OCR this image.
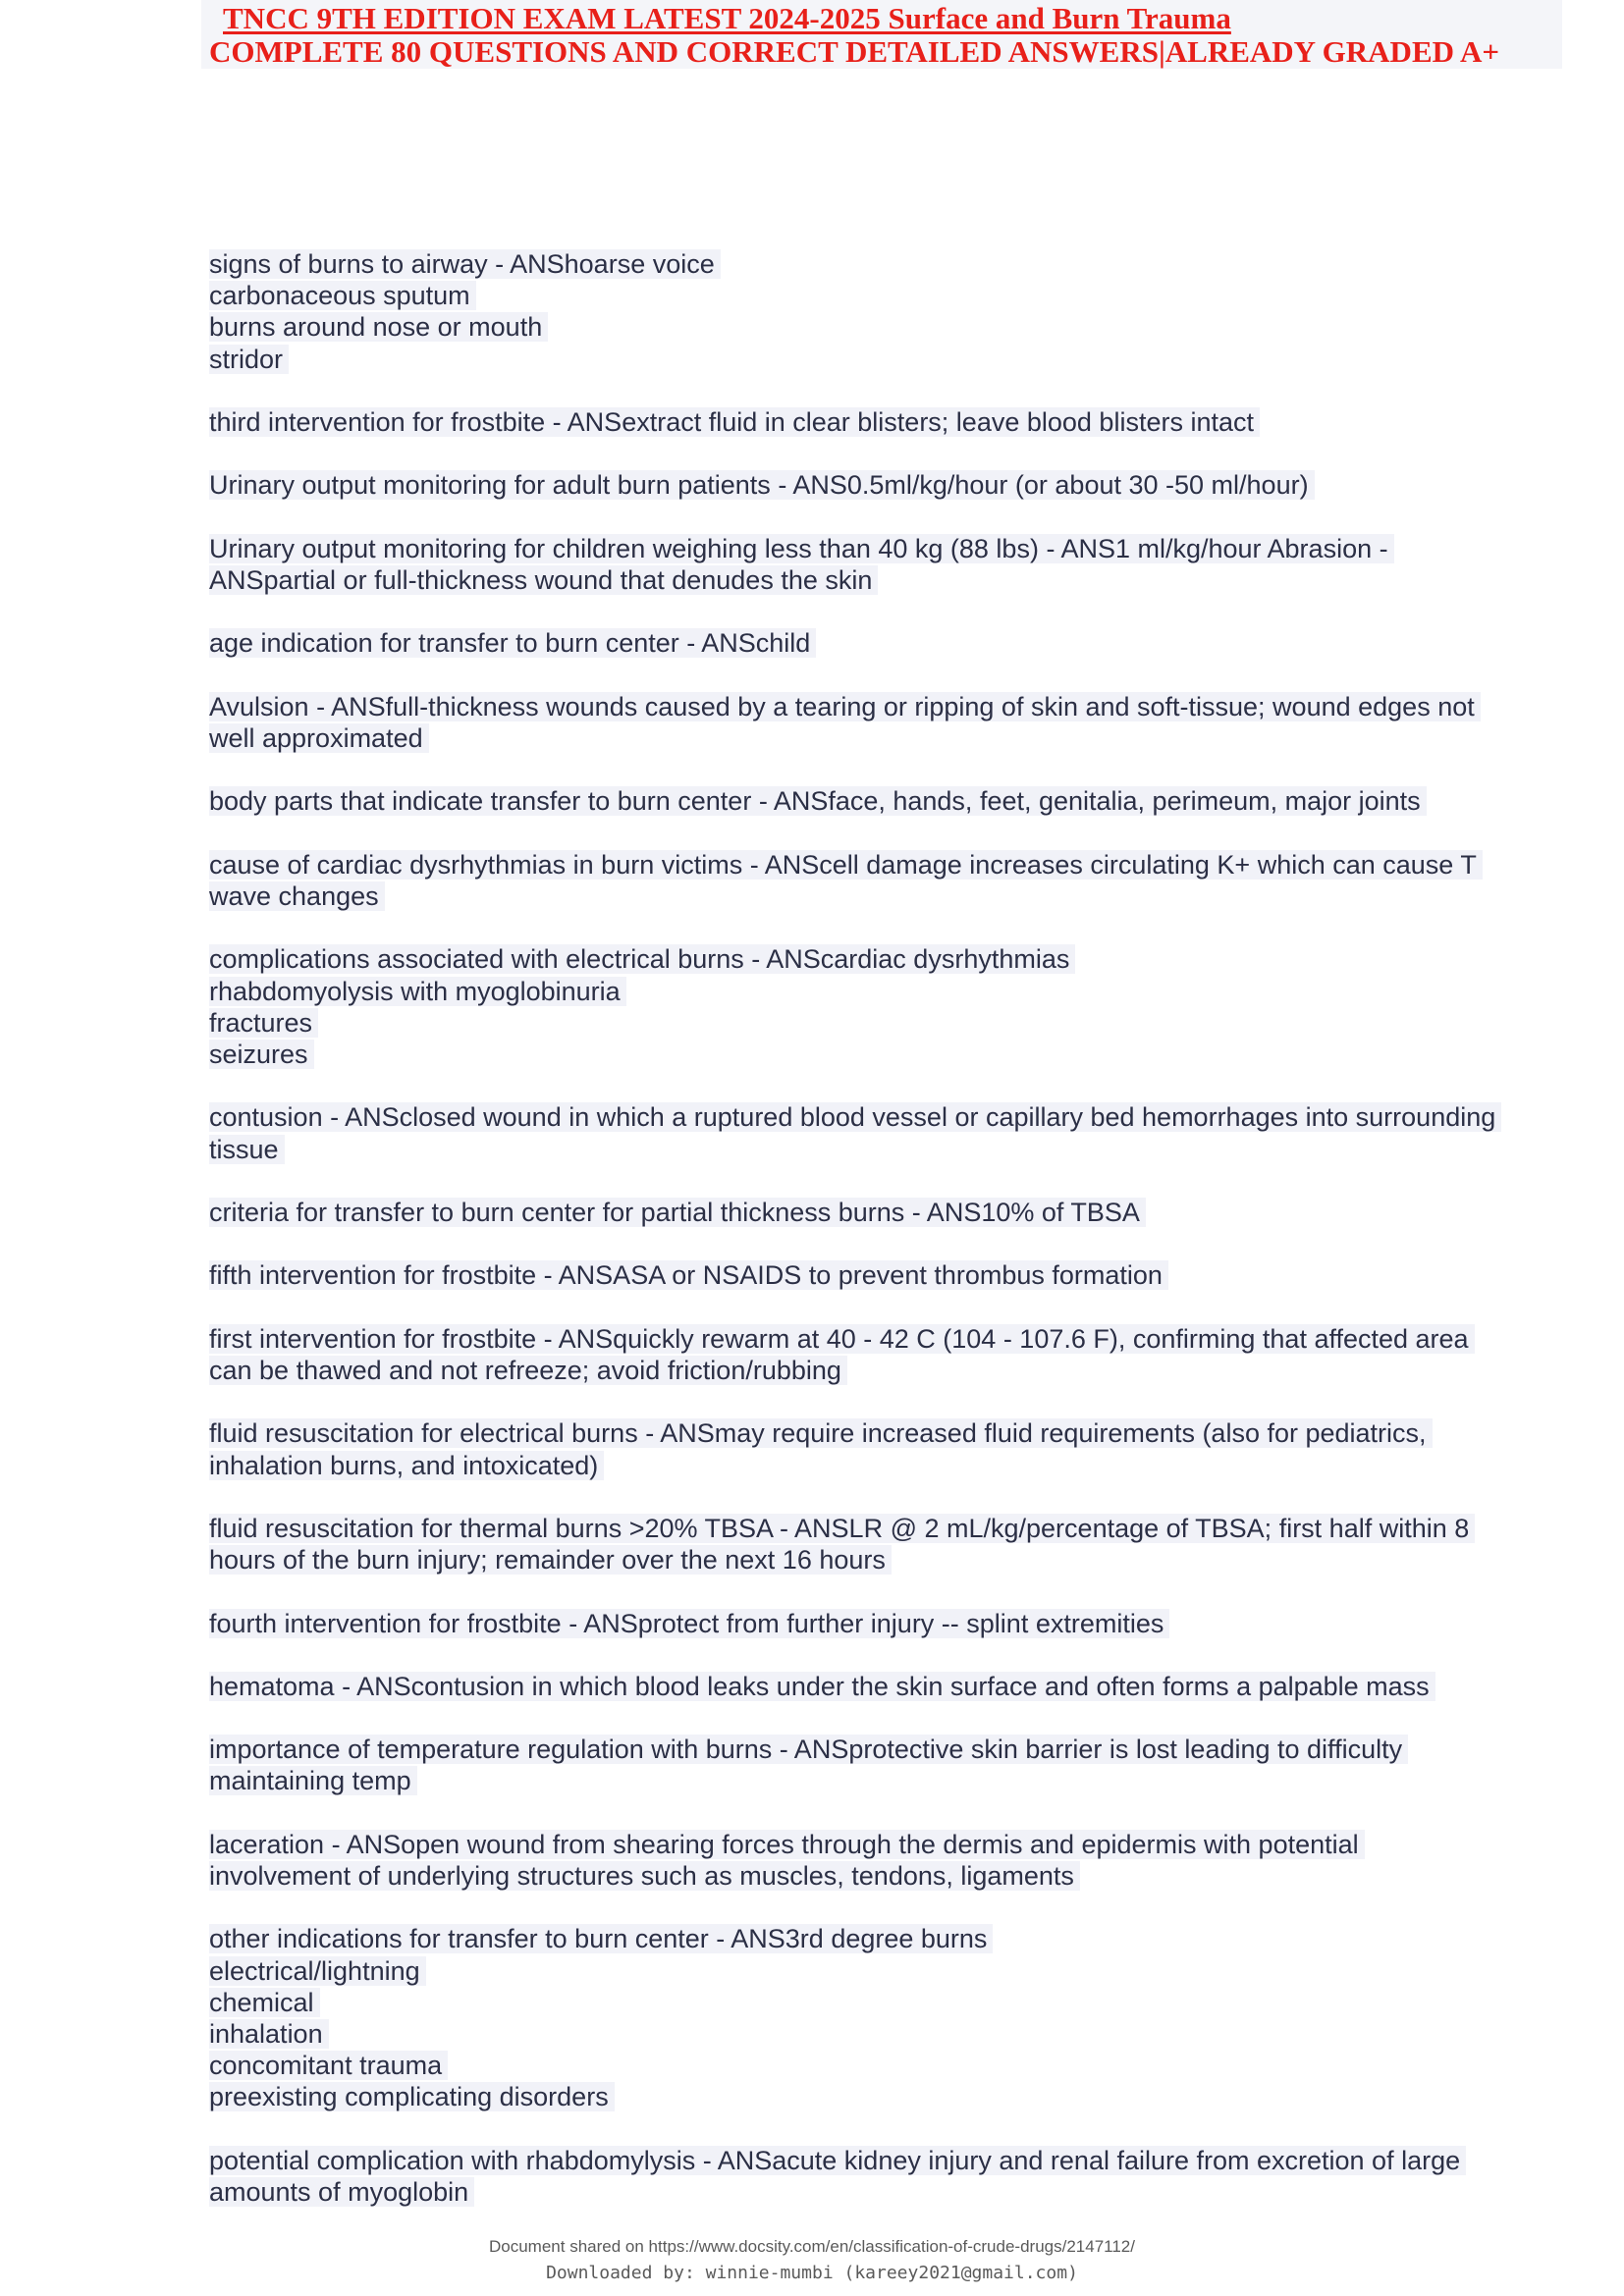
TNCC 9TH EDITION EXAM LATEST 2024-2025 Surface and Burn Trauma
COMPLETE 80 QUESTIONS AND CORRECT DETAILED ANSWERS|ALREADY GRADED A+
signs of burns to airway - ANShoarse voice
carbonaceous sputum
burns around nose or mouth
stridor
third intervention for frostbite - ANSextract fluid in clear blisters; leave blood blisters intact
Urinary output monitoring for adult burn patients - ANS0.5ml/kg/hour (or about 30 -50 ml/hour)
Urinary output monitoring for children weighing less than 40 kg (88 lbs) - ANS1 ml/kg/hour Abrasion -
ANSpartial or full-thickness wound that denudes the skin
age indication for transfer to burn center - ANSchild
Avulsion - ANSfull-thickness wounds caused by a tearing or ripping of skin and soft-tissue; wound edges not
well approximated
body parts that indicate transfer to burn center - ANSface, hands, feet, genitalia, perimeum, major joints
cause of cardiac dysrhythmias in burn victims - ANScell damage increases circulating K+ which can cause T
wave changes
complications associated with electrical burns - ANScardiac dysrhythmias
rhabdomyolysis with myoglobinuria
fractures
seizures
contusion - ANSclosed wound in which a ruptured blood vessel or capillary bed hemorrhages into surrounding
tissue
criteria for transfer to burn center for partial thickness burns - ANS10% of TBSA
fifth intervention for frostbite - ANSASA or NSAIDS to prevent thrombus formation
first intervention for frostbite - ANSquickly rewarm at 40 - 42 C (104 - 107.6 F), confirming that affected area
can be thawed and not refreeze; avoid friction/rubbing
fluid resuscitation for electrical burns - ANSmay require increased fluid requirements (also for pediatrics,
inhalation burns, and intoxicated)
fluid resuscitation for thermal burns >20% TBSA - ANSLR @ 2 mL/kg/percentage of TBSA; first half within 8
hours of the burn injury; remainder over the next 16 hours
fourth intervention for frostbite - ANSprotect from further injury -- splint extremities
hematoma - ANScontusion in which blood leaks under the skin surface and often forms a palpable mass
importance of temperature regulation with burns - ANSprotective skin barrier is lost leading to difficulty
maintaining temp
laceration - ANSopen wound from shearing forces through the dermis and epidermis with potential
involvement of underlying structures such as muscles, tendons, ligaments
other indications for transfer to burn center - ANS3rd degree burns
electrical/lightning
chemical
inhalation
concomitant trauma
preexisting complicating disorders
potential complication with rhabdomylysis - ANSacute kidney injury and renal failure from excretion of large
amounts of myoglobin
Document shared on https://www.docsity.com/en/classification-of-crude-drugs/2147112/
Downloaded by: winnie-mumbi (kareey2021@gmail.com)
